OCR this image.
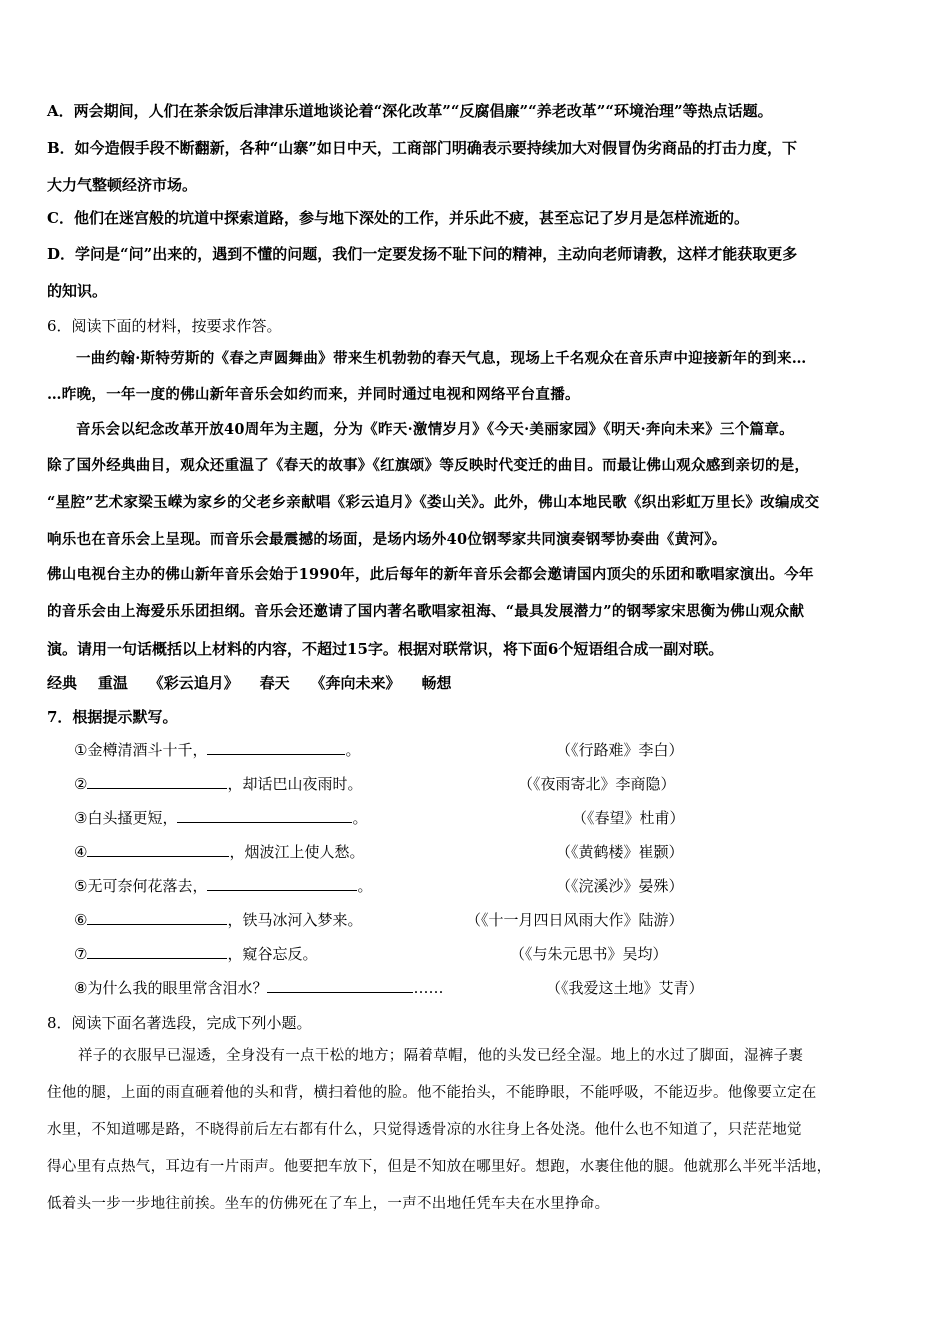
A．两会期间，人们在茶余饭后津津乐道地谈论着“深化改革”“反腐倡廉”“养老改革”“环境治理”等热点话题。
B．如今造假手段不断翻新，各种“山寨”如日中天，工商部门明确表示要持续加大对假冒伪劣商品的打击力度，下
大力气整顿经济市场。
C．他们在迷宫般的坑道中探索道路，参与地下深处的工作，并乐此不疲，甚至忘记了岁月是怎样流逝的。
D．学问是“问”出来的，遇到不懂的问题，我们一定要发扬不耻下问的精神，主动向老师请教，这样才能获取更多
的知识。
6．阅读下面的材料，按要求作答。
一曲约翰·斯特劳斯的《春之声圆舞曲》带来生机勃勃的春天气息，现场上千名观众在音乐声中迎接新年的到来…
…昨晚，一年一度的佛山新年音乐会如约而来，并同时通过电视和网络平台直播。
音乐会以纪念改革开放40周年为主题，分为《昨天·激情岁月》《今天·美丽家园》《明天·奔向未来》三个篇章。
除了国外经典曲目，观众还重温了《春天的故事》《红旗颂》等反映时代变迁的曲目。而最让佛山观众感到亲切的是，
“星腔”艺术家梁玉嵘为家乡的父老乡亲献唱《彩云追月》《娄山关》。此外，佛山本地民歌《织出彩虹万里长》改编成交
响乐也在音乐会上呈现。而音乐会最震撼的场面，是场内场外40位钢琴家共同演奏钢琴协奏曲《黄河》。
佛山电视台主办的佛山新年音乐会始于1990年，此后每年的新年音乐会都会邀请国内顶尖的乐团和歌唱家演出。今年
的音乐会由上海爱乐乐团担纲。音乐会还邀请了国内著名歌唱家祖海、“最具发展潜力”的钢琴家宋思衡为佛山观众献
演。请用一句话概括以上材料的内容，不超过15字。根据对联常识，将下面6个短语组合成一副对联。
经典    重温    《彩云追月》    春天    《奔向未来》    畅想
7．根据提示默写。
①金樽清酒斗十千，	。	（《行路难》李白）
②	，却话巴山夜雨时。	（《夜雨寄北》李商隐）
③白头搔更短，	。	（《春望》杜甫）
④	，烟波江上使人愁。	（《黄鹤楼》崔颢）
⑤无可奈何花落去，	。	（《浣溪沙》晏殊）
⑥	，铁马冰河入梦来。	（《十一月四日风雨大作》陆游）
⑦	，窥谷忘反。	（《与朱元思书》吴均）
⑧为什么我的眼里常含泪水？	……	（《我爱这土地》艾青）
8．阅读下面名著选段，完成下列小题。
祥子的衣服早已湿透，全身没有一点干松的地方；隔着草帽，他的头发已经全湿。地上的水过了脚面，湿裤子裹
住他的腿，上面的雨直砸着他的头和背，横扫着他的脸。他不能抬头，不能睁眼，不能呼吸，不能迈步。他像要立定在
水里，不知道哪是路，不晓得前后左右都有什么，只觉得透骨凉的水往身上各处浇。他什么也不知道了，只茫茫地觉
得心里有点热气，耳边有一片雨声。他要把车放下，但是不知放在哪里好。想跑，水裹住他的腿。他就那么半死半活地，
低着头一步一步地往前挨。坐车的仿佛死在了车上，一声不出地任凭车夫在水里挣命。
